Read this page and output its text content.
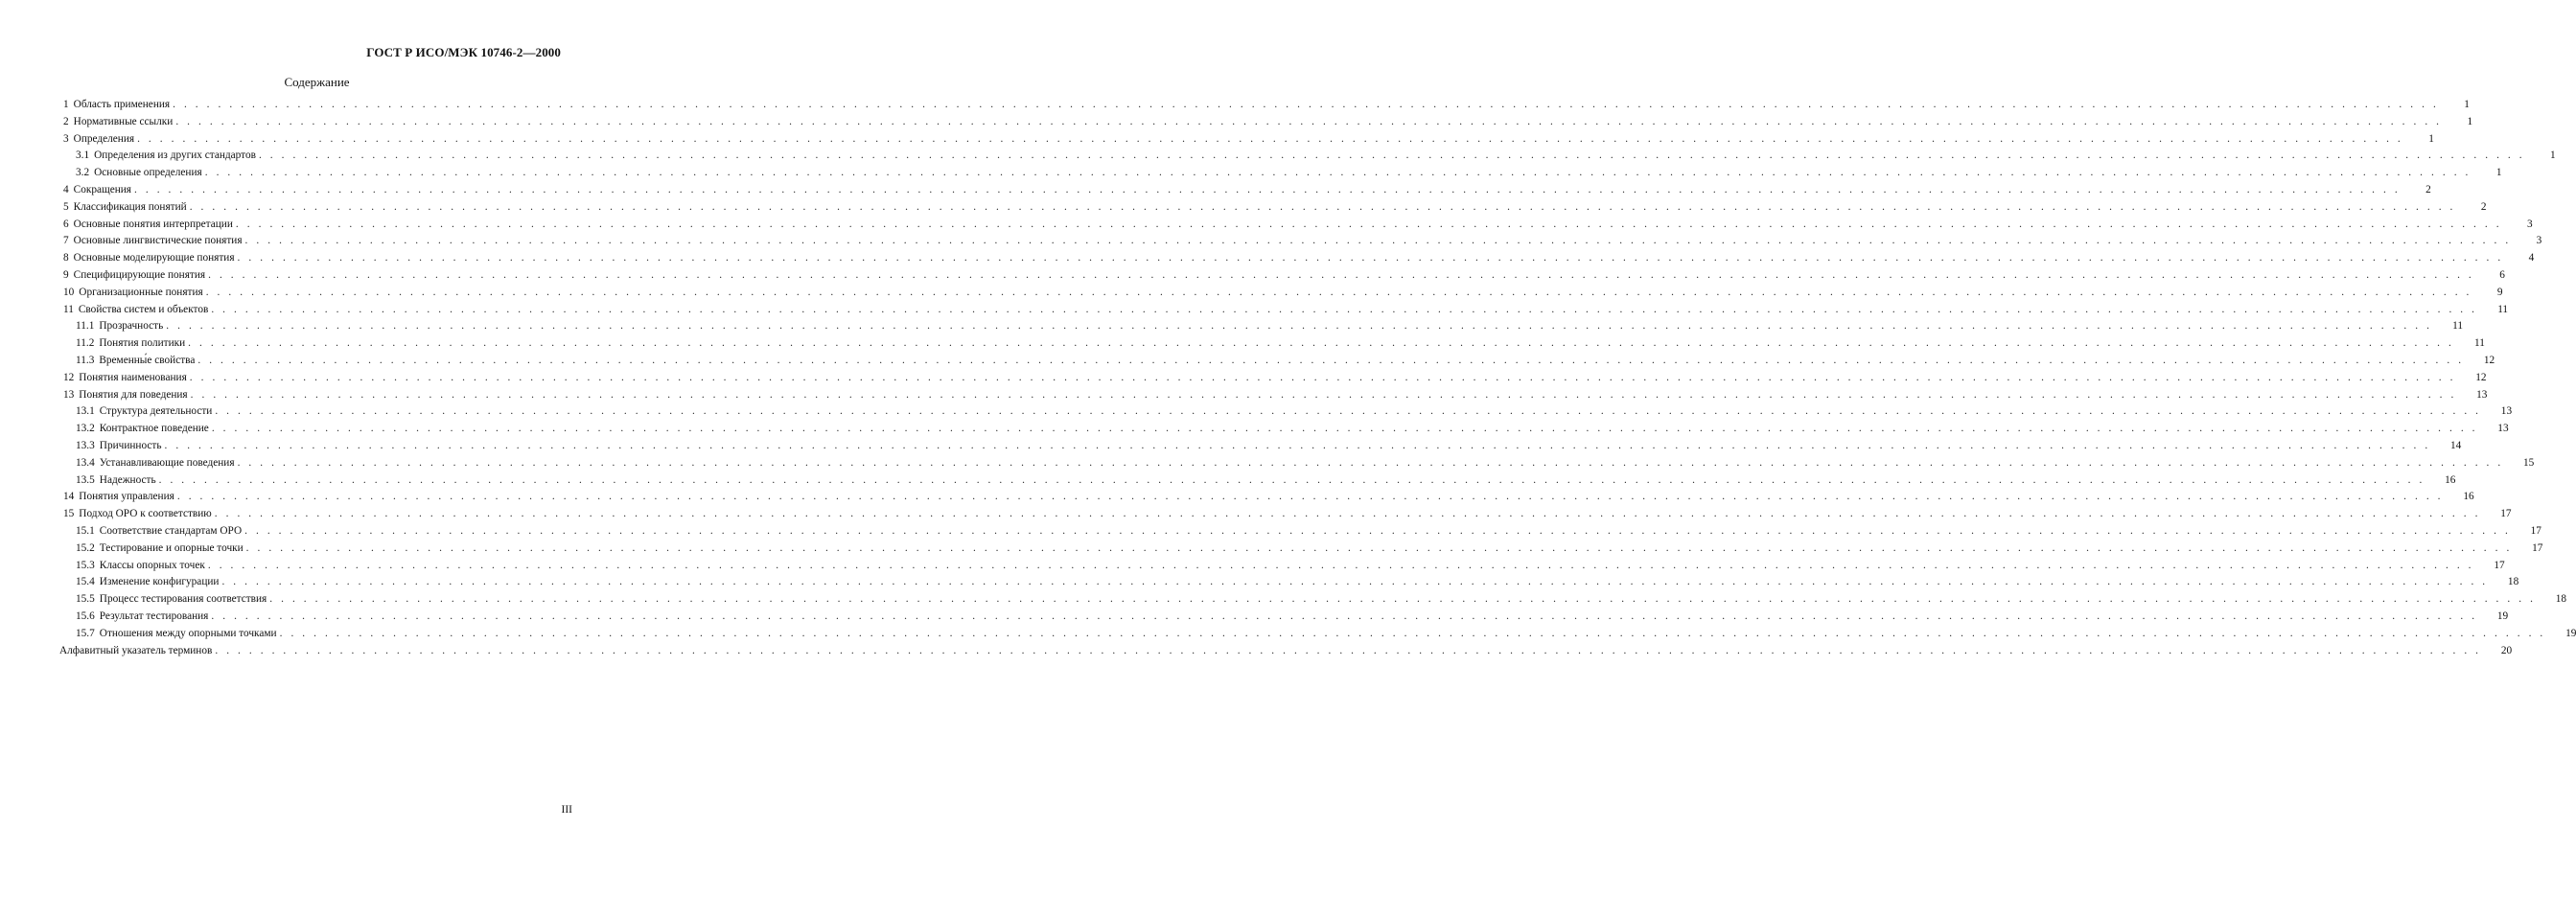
ГОСТ Р ИСО/МЭК 10746-2—2000
Содержание
1 Область применения . . . . . . . . . . . . . . . . . . . . . . . . . . . . . . . . . . . . . . . . . . . . . . . . . . . . . . . . . . . . . . . . . . . . . . . . . . . . . . . . . . . . . . . . . . . . . . . . . . . . . . . . . . . . . . . . . . . . . . . . . . . . . . . . . . . . . . . . . . . . . . . . . . . . . . . . . . . . . . . . . . . . . . . . . . . . . . . . . . . . . . . . . . . . . . . . . . . . . . . .	1
2 Нормативные ссылки . . . . . . . . . . . . . . . . . . . . . . . . . . . . . . . . . . . . . . . . . . . . . . . . . . . . . . . . . . . . . . . . . . . . . . . . . . . . . . . . . . . . . . . . . . . . . . . . . . . . . . . . . . . . . . . . . . . . . . . . . . . . . . . . . . . . . . . . . . . . . . . . . . . . . . . . . . . . . . . . . . . . . . . . . . . . . . . . . . . . . . . . . . . . . . . . . . . . . . . .	1
3 Определения . . . . . . . . . . . . . . . . . . . . . . . . . . . . . . . . . . . . . . . . . . . . . . . . . . . . . . . . . . . . . . . . . . . . . . . . . . . . . . . . . . . . . . . . . . . . . . . . . . . . . . . . . . . . . . . . . . . . . . . . . . . . . . . . . . . . . . . . . . . . . . . . . . . . . . . . . . . . . . . . . . . . . . . . . . . . . . . . . . . . . . . . . . . . . . . . . . . . . . . .	1
3.1 Определения из других стандартов . . . . . . . . . . . . . . . . . . . . . . . . . . . . . . . . . . . . . . . . . . . . . . . . . . . . . . . . . . . . . . . . . . . . . . . . . . . . . . . . . . . . . . . . . . . . . . . . . . . . . . . . . . . . . . . . . . . . . . . . . . . . . . . . . . . . . . . . . . . . . . . . . . . . . . . . . . . . . . . . . . . . . . . . . . . . . . . . . . . . . . . . . . . . . . . . . . . . . . . .	1
3.2 Основные определения . . . . . . . . . . . . . . . . . . . . . . . . . . . . . . . . . . . . . . . . . . . . . . . . . . . . . . . . . . . . . . . . . . . . . . . . . . . . . . . . . . . . . . . . . . . . . . . . . . . . . . . . . . . . . . . . . . . . . . . . . . . . . . . . . . . . . . . . . . . . . . . . . . . . . . . . . . . . . . . . . . . . . . . . . . . . . . . . . . . . . . . . . . . . . . . . . . . . . . . .	1
4 Сокращения . . . . . . . . . . . . . . . . . . . . . . . . . . . . . . . . . . . . . . . . . . . . . . . . . . . . . . . . . . . . . . . . . . . . . . . . . . . . . . . . . . . . . . . . . . . . . . . . . . . . . . . . . . . . . . . . . . . . . . . . . . . . . . . . . . . . . . . . . . . . . . . . . . . . . . . . . . . . . . . . . . . . . . . . . . . . . . . . . . . . . . . . . . . . . . . . . . . . . . . .	2
5 Классификация понятий . . . . . . . . . . . . . . . . . . . . . . . . . . . . . . . . . . . . . . . . . . . . . . . . . . . . . . . . . . . . . . . . . . . . . . . . . . . . . . . . . . . . . . . . . . . . . . . . . . . . . . . . . . . . . . . . . . . . . . . . . . . . . . . . . . . . . . . . . . . . . . . . . . . . . . . . . . . . . . . . . . . . . . . . . . . . . . . . . . . . . . . . . . . . . . . . . . . . . . . .	2
6 Основные понятия интерпретации . . . . . . . . . . . . . . . . . . . . . . . . . . . . . . . . . . . . . . . . . . . . . . . . . . . . . . . . . . . . . . . . . . . . . . . . . . . . . . . . . . . . . . . . . . . . . . . . . . . . . . . . . . . . . . . . . . . . . . . . . . . . . . . . . . . . . . . . . . . . . . . . . . . . . . . . . . . . . . . . . . . . . . . . . . . . . . . . . . . . . . . . . . . . . . . . . . . . . . . .	3
7 Основные лингвистические понятия . . . . . . . . . . . . . . . . . . . . . . . . . . . . . . . . . . . . . . . . . . . . . . . . . . . . . . . . . . . . . . . . . . . . . . . . . . . . . . . . . . . . . . . . . . . . . . . . . . . . . . . . . . . . . . . . . . . . . . . . . . . . . . . . . . . . . . . . . . . . . . . . . . . . . . . . . . . . . . . . . . . . . . . . . . . . . . . . . . . . . . . . . . . . . . . . . . . . . . . .	3
8 Основные моделирующие понятия . . . . . . . . . . . . . . . . . . . . . . . . . . . . . . . . . . . . . . . . . . . . . . . . . . . . . . . . . . . . . . . . . . . . . . . . . . . . . . . . . . . . . . . . . . . . . . . . . . . . . . . . . . . . . . . . . . . . . . . . . . . . . . . . . . . . . . . . . . . . . . . . . . . . . . . . . . . . . . . . . . . . . . . . . . . . . . . . . . . . . . . . . . . . . . . . . . . . . . . .	4
9 Специфицирующие понятия . . . . . . . . . . . . . . . . . . . . . . . . . . . . . . . . . . . . . . . . . . . . . . . . . . . . . . . . . . . . . . . . . . . . . . . . . . . . . . . . . . . . . . . . . . . . . . . . . . . . . . . . . . . . . . . . . . . . . . . . . . . . . . . . . . . . . . . . . . . . . . . . . . . . . . . . . . . . . . . . . . . . . . . . . . . . . . . . . . . . . . . . . . . . . . . . . . . . . . . .	6
10 Организационные понятия . . . . . . . . . . . . . . . . . . . . . . . . . . . . . . . . . . . . . . . . . . . . . . . . . . . . . . . . . . . . . . . . . . . . . . . . . . . . . . . . . . . . . . . . . . . . . . . . . . . . . . . . . . . . . . . . . . . . . . . . . . . . . . . . . . . . . . . . . . . . . . . . . . . . . . . . . . . . . . . . . . . . . . . . . . . . . . . . . . . . . . . . . . . . . . . . . . . . . . . .	9
11 Свойства систем и объектов . . . . . . . . . . . . . . . . . . . . . . . . . . . . . . . . . . . . . . . . . . . . . . . . . . . . . . . . . . . . . . . . . . . . . . . . . . . . . . . . . . . . . . . . . . . . . . . . . . . . . . . . . . . . . . . . . . . . . . . . . . . . . . . . . . . . . . . . . . . . . . . . . . . . . . . . . . . . . . . . . . . . . . . . . . . . . . . . . . . . . . . . . . . . . . . . . . . . . . . .	11
11.1 Прозрачность . . . . . . . . . . . . . . . . . . . . . . . . . . . . . . . . . . . . . . . . . . . . . . . . . . . . . . . . . . . . . . . . . . . . . . . . . . . . . . . . . . . . . . . . . . . . . . . . . . . . . . . . . . . . . . . . . . . . . . . . . . . . . . . . . . . . . . . . . . . . . . . . . . . . . . . . . . . . . . . . . . . . . . . . . . . . . . . . . . . . . . . . . . . . . . . . . . . . . . . .	11
11.2 Понятия политики . . . . . . . . . . . . . . . . . . . . . . . . . . . . . . . . . . . . . . . . . . . . . . . . . . . . . . . . . . . . . . . . . . . . . . . . . . . . . . . . . . . . . . . . . . . . . . . . . . . . . . . . . . . . . . . . . . . . . . . . . . . . . . . . . . . . . . . . . . . . . . . . . . . . . . . . . . . . . . . . . . . . . . . . . . . . . . . . . . . . . . . . . . . . . . . . . . . . . . . .	11
11.3 Временны́е свойства . . . . . . . . . . . . . . . . . . . . . . . . . . . . . . . . . . . . . . . . . . . . . . . . . . . . . . . . . . . . . . . . . . . . . . . . . . . . . . . . . . . . . . . . . . . . . . . . . . . . . . . . . . . . . . . . . . . . . . . . . . . . . . . . . . . . . . . . . . . . . . . . . . . . . . . . . . . . . . . . . . . . . . . . . . . . . . . . . . . . . . . . . . . . . . . . . . . . . . . .	12
12 Понятия наименования . . . . . . . . . . . . . . . . . . . . . . . . . . . . . . . . . . . . . . . . . . . . . . . . . . . . . . . . . . . . . . . . . . . . . . . . . . . . . . . . . . . . . . . . . . . . . . . . . . . . . . . . . . . . . . . . . . . . . . . . . . . . . . . . . . . . . . . . . . . . . . . . . . . . . . . . . . . . . . . . . . . . . . . . . . . . . . . . . . . . . . . . . . . . . . . . . . . . . . . .	12
13 Понятия для поведения . . . . . . . . . . . . . . . . . . . . . . . . . . . . . . . . . . . . . . . . . . . . . . . . . . . . . . . . . . . . . . . . . . . . . . . . . . . . . . . . . . . . . . . . . . . . . . . . . . . . . . . . . . . . . . . . . . . . . . . . . . . . . . . . . . . . . . . . . . . . . . . . . . . . . . . . . . . . . . . . . . . . . . . . . . . . . . . . . . . . . . . . . . . . . . . . . . . . . . . .	13
13.1 Структура деятельности . . . . . . . . . . . . . . . . . . . . . . . . . . . . . . . . . . . . . . . . . . . . . . . . . . . . . . . . . . . . . . . . . . . . . . . . . . . . . . . . . . . . . . . . . . . . . . . . . . . . . . . . . . . . . . . . . . . . . . . . . . . . . . . . . . . . . . . . . . . . . . . . . . . . . . . . . . . . . . . . . . . . . . . . . . . . . . . . . . . . . . . . . . . . . . . . . . . . . . . .	13
13.2 Контрактное поведение . . . . . . . . . . . . . . . . . . . . . . . . . . . . . . . . . . . . . . . . . . . . . . . . . . . . . . . . . . . . . . . . . . . . . . . . . . . . . . . . . . . . . . . . . . . . . . . . . . . . . . . . . . . . . . . . . . . . . . . . . . . . . . . . . . . . . . . . . . . . . . . . . . . . . . . . . . . . . . . . . . . . . . . . . . . . . . . . . . . . . . . . . . . . . . . . . . . . . . . .	13
13.3 Причинность . . . . . . . . . . . . . . . . . . . . . . . . . . . . . . . . . . . . . . . . . . . . . . . . . . . . . . . . . . . . . . . . . . . . . . . . . . . . . . . . . . . . . . . . . . . . . . . . . . . . . . . . . . . . . . . . . . . . . . . . . . . . . . . . . . . . . . . . . . . . . . . . . . . . . . . . . . . . . . . . . . . . . . . . . . . . . . . . . . . . . . . . . . . . . . . . . . . . . . . .	14
13.4 Устанавливающие поведения . . . . . . . . . . . . . . . . . . . . . . . . . . . . . . . . . . . . . . . . . . . . . . . . . . . . . . . . . . . . . . . . . . . . . . . . . . . . . . . . . . . . . . . . . . . . . . . . . . . . . . . . . . . . . . . . . . . . . . . . . . . . . . . . . . . . . . . . . . . . . . . . . . . . . . . . . . . . . . . . . . . . . . . . . . . . . . . . . . . . . . . . . . . . . . . . . . . . . . . .	15
13.5 Надежность . . . . . . . . . . . . . . . . . . . . . . . . . . . . . . . . . . . . . . . . . . . . . . . . . . . . . . . . . . . . . . . . . . . . . . . . . . . . . . . . . . . . . . . . . . . . . . . . . . . . . . . . . . . . . . . . . . . . . . . . . . . . . . . . . . . . . . . . . . . . . . . . . . . . . . . . . . . . . . . . . . . . . . . . . . . . . . . . . . . . . . . . . . . . . . . . . . . . . . . .	16
14 Понятия управления . . . . . . . . . . . . . . . . . . . . . . . . . . . . . . . . . . . . . . . . . . . . . . . . . . . . . . . . . . . . . . . . . . . . . . . . . . . . . . . . . . . . . . . . . . . . . . . . . . . . . . . . . . . . . . . . . . . . . . . . . . . . . . . . . . . . . . . . . . . . . . . . . . . . . . . . . . . . . . . . . . . . . . . . . . . . . . . . . . . . . . . . . . . . . . . . . . . . . . . .	16
15 Подход ОРО к соответствию . . . . . . . . . . . . . . . . . . . . . . . . . . . . . . . . . . . . . . . . . . . . . . . . . . . . . . . . . . . . . . . . . . . . . . . . . . . . . . . . . . . . . . . . . . . . . . . . . . . . . . . . . . . . . . . . . . . . . . . . . . . . . . . . . . . . . . . . . . . . . . . . . . . . . . . . . . . . . . . . . . . . . . . . . . . . . . . . . . . . . . . . . . . . . . . . . . . . . . . .	17
15.1 Соответствие стандартам ОРО . . . . . . . . . . . . . . . . . . . . . . . . . . . . . . . . . . . . . . . . . . . . . . . . . . . . . . . . . . . . . . . . . . . . . . . . . . . . . . . . . . . . . . . . . . . . . . . . . . . . . . . . . . . . . . . . . . . . . . . . . . . . . . . . . . . . . . . . . . . . . . . . . . . . . . . . . . . . . . . . . . . . . . . . . . . . . . . . . . . . . . . . . . . . . . . . . . . . . . . .	17
15.2 Тестирование и опорные точки . . . . . . . . . . . . . . . . . . . . . . . . . . . . . . . . . . . . . . . . . . . . . . . . . . . . . . . . . . . . . . . . . . . . . . . . . . . . . . . . . . . . . . . . . . . . . . . . . . . . . . . . . . . . . . . . . . . . . . . . . . . . . . . . . . . . . . . . . . . . . . . . . . . . . . . . . . . . . . . . . . . . . . . . . . . . . . . . . . . . . . . . . . . . . . . . . . . . . . . .	17
15.3 Классы опорных точек . . . . . . . . . . . . . . . . . . . . . . . . . . . . . . . . . . . . . . . . . . . . . . . . . . . . . . . . . . . . . . . . . . . . . . . . . . . . . . . . . . . . . . . . . . . . . . . . . . . . . . . . . . . . . . . . . . . . . . . . . . . . . . . . . . . . . . . . . . . . . . . . . . . . . . . . . . . . . . . . . . . . . . . . . . . . . . . . . . . . . . . . . . . . . . . . . . . . . . . .	17
15.4 Изменение конфигурации . . . . . . . . . . . . . . . . . . . . . . . . . . . . . . . . . . . . . . . . . . . . . . . . . . . . . . . . . . . . . . . . . . . . . . . . . . . . . . . . . . . . . . . . . . . . . . . . . . . . . . . . . . . . . . . . . . . . . . . . . . . . . . . . . . . . . . . . . . . . . . . . . . . . . . . . . . . . . . . . . . . . . . . . . . . . . . . . . . . . . . . . . . . . . . . . . . . . . . . .	18
15.5 Процесс тестирования соответствия . . . . . . . . . . . . . . . . . . . . . . . . . . . . . . . . . . . . . . . . . . . . . . . . . . . . . . . . . . . . . . . . . . . . . . . . . . . . . . . . . . . . . . . . . . . . . . . . . . . . . . . . . . . . . . . . . . . . . . . . . . . . . . . . . . . . . . . . . . . . . . . . . . . . . . . . . . . . . . . . . . . . . . . . . . . . . . . . . . . . . . . . . . . . . . . . . . . . . . . .	18
15.6 Результат тестирования . . . . . . . . . . . . . . . . . . . . . . . . . . . . . . . . . . . . . . . . . . . . . . . . . . . . . . . . . . . . . . . . . . . . . . . . . . . . . . . . . . . . . . . . . . . . . . . . . . . . . . . . . . . . . . . . . . . . . . . . . . . . . . . . . . . . . . . . . . . . . . . . . . . . . . . . . . . . . . . . . . . . . . . . . . . . . . . . . . . . . . . . . . . . . . . . . . . . . . . .	19
15.7 Отношения между опорными точками . . . . . . . . . . . . . . . . . . . . . . . . . . . . . . . . . . . . . . . . . . . . . . . . . . . . . . . . . . . . . . . . . . . . . . . . . . . . . . . . . . . . . . . . . . . . . . . . . . . . . . . . . . . . . . . . . . . . . . . . . . . . . . . . . . . . . . . . . . . . . . . . . . . . . . . . . . . . . . . . . . . . . . . . . . . . . . . . . . . . . . . . . . . . . . . . . . . . . . . .	19
Алфавитный указатель терминов . . . . . . . . . . . . . . . . . . . . . . . . . . . . . . . . . . . . . . . . . . . . . . . . . . . . . . . . . . . . . . . . . . . . . . . . . . . . . . . . . . . . . . . . . . . . . . . . . . . . . . . . . . . . . . . . . . . . . . . . . . . . . . . . . . . . . . . . . . . . . . . . . . . . . . . . . . . . . . . . . . . . . . . . . . . . . . . . . . . . . . . . . . . . . . . . . . . . . . . .	20
III
